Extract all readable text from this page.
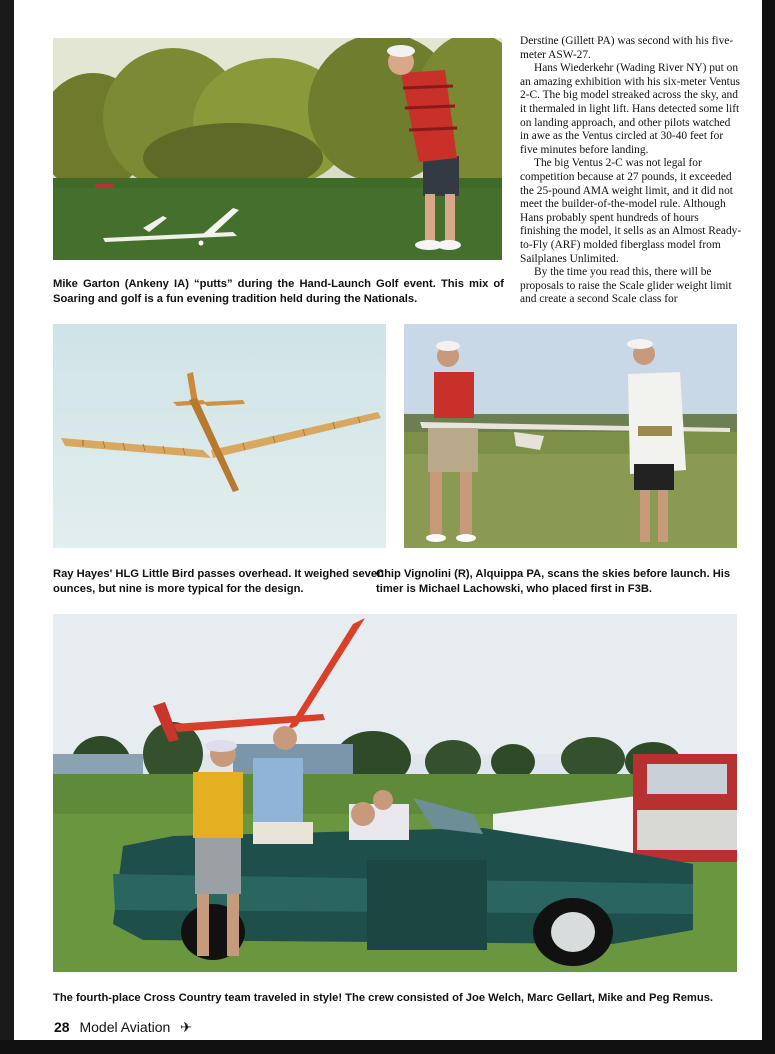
Mike Garton (Ankeny IA) “putts” during the Hand-Launch Golf event. This mix of Soaring and golf is a fun evening tradition held during the Nationals.

Derstine (Gillett PA) was second with his five-meter ASW-27.

Hans Wiederkehr (Wading River NY) put on an amazing exhibition with his six-meter Ventus 2-C. The big model streaked across the sky, and it thermaled in light lift. Hans detected some lift on landing approach, and other pilots watched in awe as the Ventus circled at 30-40 feet for five minutes before landing.

The big Ventus 2-C was not legal for competition because at 27 pounds, it exceeded the 25-pound AMA weight limit, and it did not meet the builder-of-the-model rule. Although Hans probably spent hundreds of hours finishing the model, it sells as an Almost Ready-to-Fly (ARF) molded fiberglass model from Sailplanes Unlimited.

By the time you read this, there will be proposals to raise the Scale glider weight limit and create a second Scale class for

Ray Hayes' HLG Little Bird passes overhead. It weighed seven ounces, but nine is more typical for the design.
Chip Vignolini (R), Alquippa PA, scans the skies before launch. His timer is Michael Lachowski, who placed first in F3B.
The fourth-place Cross Country team traveled in style! The crew consisted of Joe Welch, Marc Gellart, Mike and Peg Remus.
28 Model Aviation ✈
